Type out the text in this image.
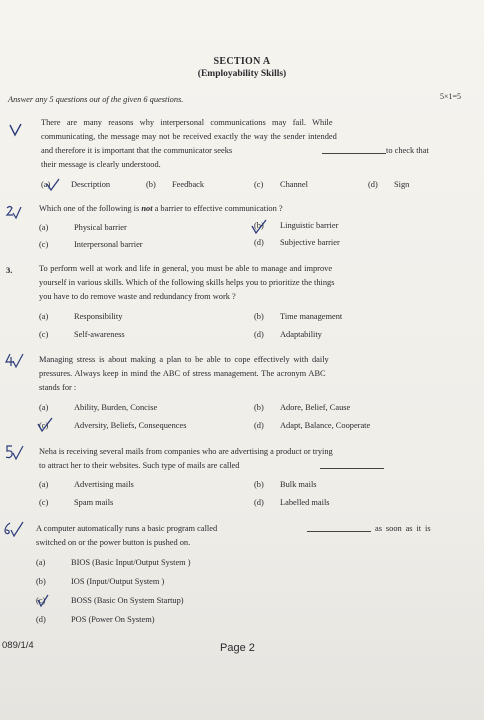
SECTION A
(Employability Skills)
Answer any 5 questions out of the given 6 questions.	5×1=5
There are many reasons why interpersonal communications may fail. While
communicating, the message may not be received exactly the way the sender intended
and therefore it is important that the communicator seeks	to check that
their message is clearly understood.
(a) Description	(b) Feedback	(c) Channel	(d) Sign
Which one of the following is not a barrier to effective communication ?
(a)	Physical barrier	(b) Linguistic barrier
(c)	Interpersonal barrier	(d) Subjective barrier
3.	To perform well at work and life in general, you must be able to manage and improve
yourself in various skills. Which of the following skills helps you to prioritize the things
you have to do remove waste and redundancy from work ?
(a)	Responsibility	(b) Time management
(c)	Self-awareness	(d) Adaptability
Managing stress is about making a plan to be able to cope effectively with daily
pressures. Always keep in mind the ABC of stress management. The acronym ABC
stands for :
(a)	Ability, Burden, Concise	(b) Adore, Belief, Cause
(c)	Adversity, Beliefs, Consequences	(d) Adapt, Balance, Cooperate
Neha is receiving several mails from companies who are advertising a product or trying
to attract her to their websites. Such type of mails are called
(a)	Advertising mails	(b) Bulk mails
(c)	Spam mails	(d) Labelled mails
A computer automatically runs a basic program called	as soon as it is
switched on or the power button is pushed on.
(a)	BIOS (Basic Input/Output System )
(b)	IOS (Input/Output System )
(c)	BOSS (Basic On System Startup)
(d)	POS (Power On System)
089/1/4	Page 2
